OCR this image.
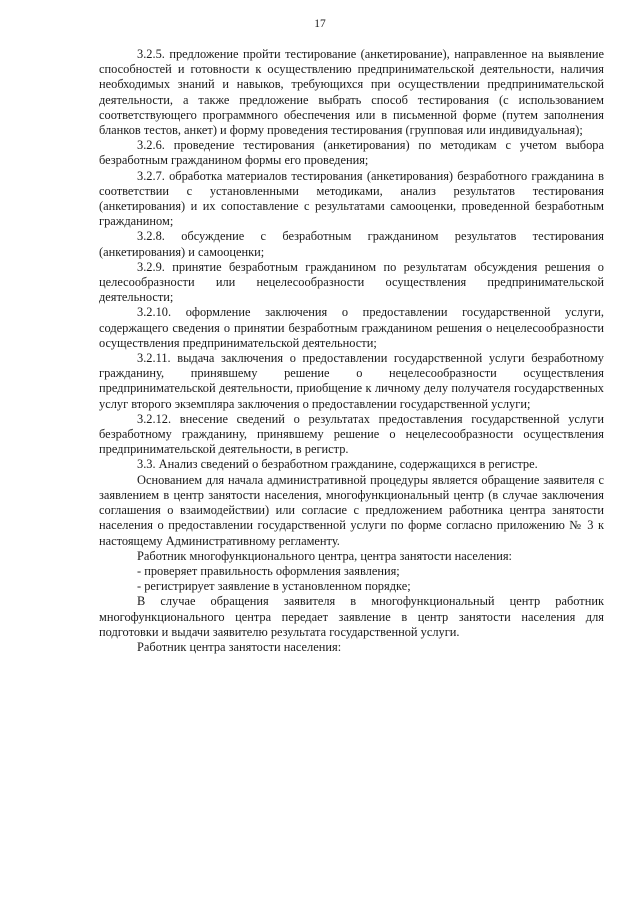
17

3.2.5. предложение пройти тестирование (анкетирование), направленное на выявление способностей и готовности к осуществлению предпринимательской деятельности, наличия необходимых знаний и навыков, требующихся при осуществлении предпринимательской деятельности, а также предложение выбрать способ тестирования (с использованием соответствующего программного обеспечения или в письменной форме (путем заполнения бланков тестов, анкет) и форму проведения тестирования (групповая или индивидуальная);

3.2.6. проведение тестирования (анкетирования) по методикам с учетом выбора безработным гражданином формы его проведения;

3.2.7. обработка материалов тестирования (анкетирования) безработного гражданина в соответствии с установленными методиками, анализ результатов тестирования (анкетирования) и их сопоставление с результатами самооценки, проведенной безработным гражданином;

3.2.8. обсуждение с безработным гражданином результатов тестирования (анкетирования) и самооценки;

3.2.9. принятие безработным гражданином по результатам обсуждения решения о целесообразности или нецелесообразности осуществления предпринимательской деятельности;

3.2.10. оформление заключения о предоставлении государственной услуги, содержащего сведения о принятии безработным гражданином решения о нецелесообразности осуществления предпринимательской деятельности;

3.2.11. выдача заключения о предоставлении государственной услуги безработному гражданину, принявшему решение о нецелесообразности осуществления предпринимательской деятельности, приобщение к личному делу получателя государственных услуг второго экземпляра заключения о предоставлении государственной услуги;

3.2.12. внесение сведений о результатах предоставления государственной услуги безработному гражданину, принявшему решение о нецелесообразности осуществления предпринимательской деятельности, в регистр.

3.3. Анализ сведений о безработном гражданине, содержащихся в регистре.

Основанием для начала административной процедуры является обращение заявителя с заявлением в центр занятости населения, многофункциональный центр (в случае заключения соглашения о взаимодействии) или согласие с предложением работника центра занятости населения о предоставлении государственной услуги по форме согласно приложению № 3 к настоящему Административному регламенту.

Работник многофункционального центра, центра занятости населения:

- проверяет правильность оформления заявления;

- регистрирует заявление в установленном порядке;

В случае обращения заявителя в многофункциональный центр работник многофункционального центра передает заявление в центр занятости населения для подготовки и выдачи заявителю результата государственной услуги.

Работник центра занятости населения:
